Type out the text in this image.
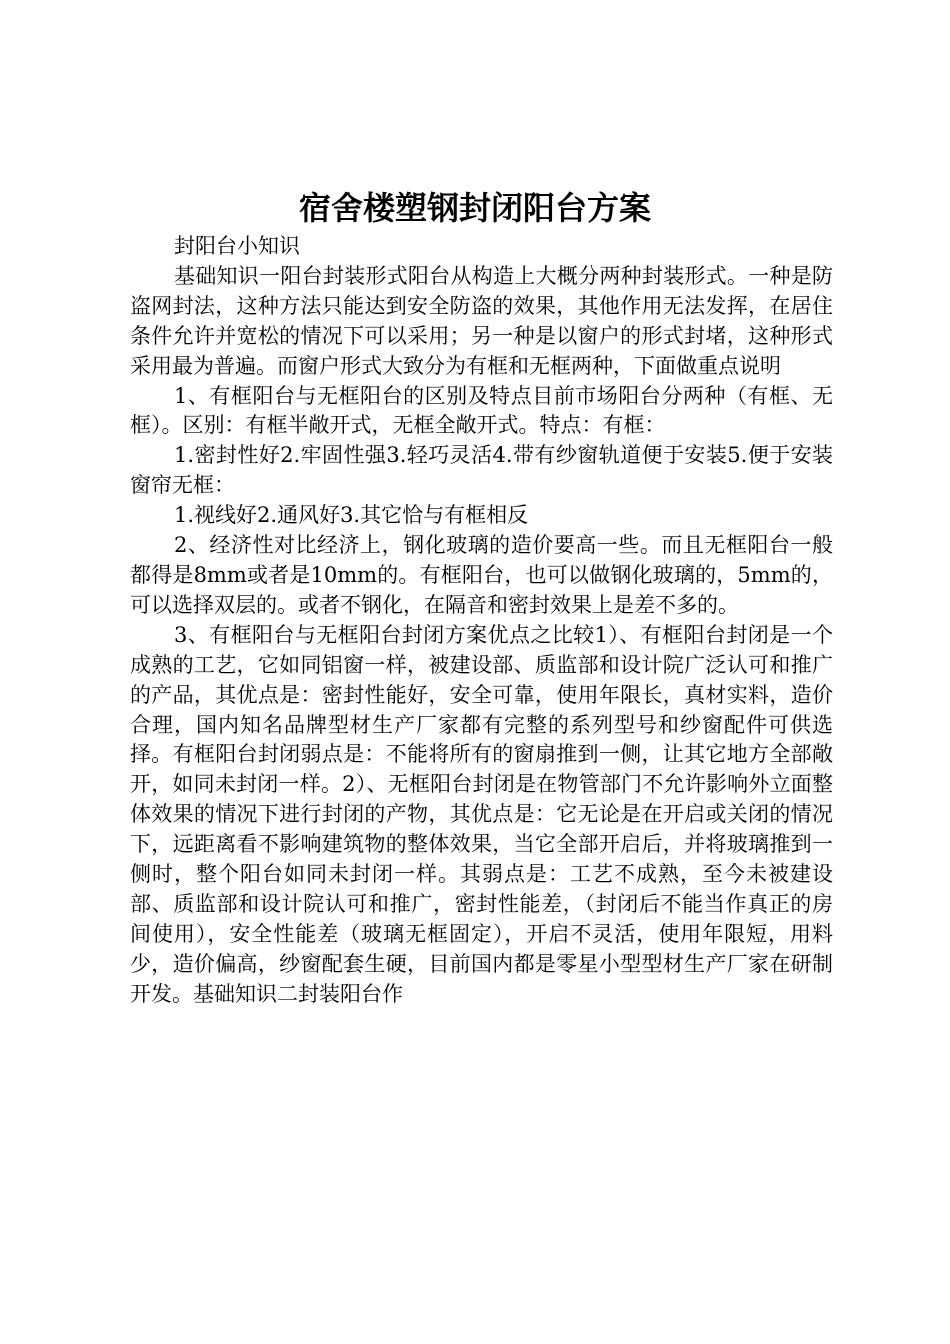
宿舍楼塑钢封闭阳台方案

封阳台小知识

基础知识一阳台封装形式阳台从构造上大概分两种封装形式。一种是防盗网封法，这种方法只能达到安全防盗的效果，其他作用无法发挥，在居住条件允许并宽松的情况下可以采用；另一种是以窗户的形式封堵，这种形式采用最为普遍。而窗户形式大致分为有框和无框两种，下面做重点说明

1、有框阳台与无框阳台的区别及特点目前市场阳台分两种（有框、无框）。区别：有框半敞开式，无框全敞开式。特点：有框：

1.密封性好2.牢固性强3.轻巧灵活4.带有纱窗轨道便于安装5.便于安装窗帘无框：

1.视线好2.通风好3.其它恰与有框相反

2、经济性对比经济上，钢化玻璃的造价要高一些。而且无框阳台一般都得是8mm或者是10mm的。有框阳台，也可以做钢化玻璃的，5mm的，可以选择双层的。或者不钢化，在隔音和密封效果上是差不多的。

3、有框阳台与无框阳台封闭方案优点之比较1）、有框阳台封闭是一个成熟的工艺，它如同铝窗一样，被建设部、质监部和设计院广泛认可和推广的产品，其优点是：密封性能好，安全可靠，使用年限长，真材实料，造价合理，国内知名品牌型材生产厂家都有完整的系列型号和纱窗配件可供选择。有框阳台封闭弱点是：不能将所有的窗扇推到一侧，让其它地方全部敞开，如同未封闭一样。2）、无框阳台封闭是在物管部门不允许影响外立面整体效果的情况下进行封闭的产物，其优点是：它无论是在开启或关闭的情况下，远距离看不影响建筑物的整体效果，当它全部开启后，并将玻璃推到一侧时，整个阳台如同未封闭一样。其弱点是：工艺不成熟，至今未被建设部、质监部和设计院认可和推广，密封性能差，（封闭后不能当作真正的房间使用），安全性能差（玻璃无框固定），开启不灵活，使用年限短，用料少，造价偏高，纱窗配套生硬，目前国内都是零星小型型材生产厂家在研制开发。基础知识二封装阳台作
